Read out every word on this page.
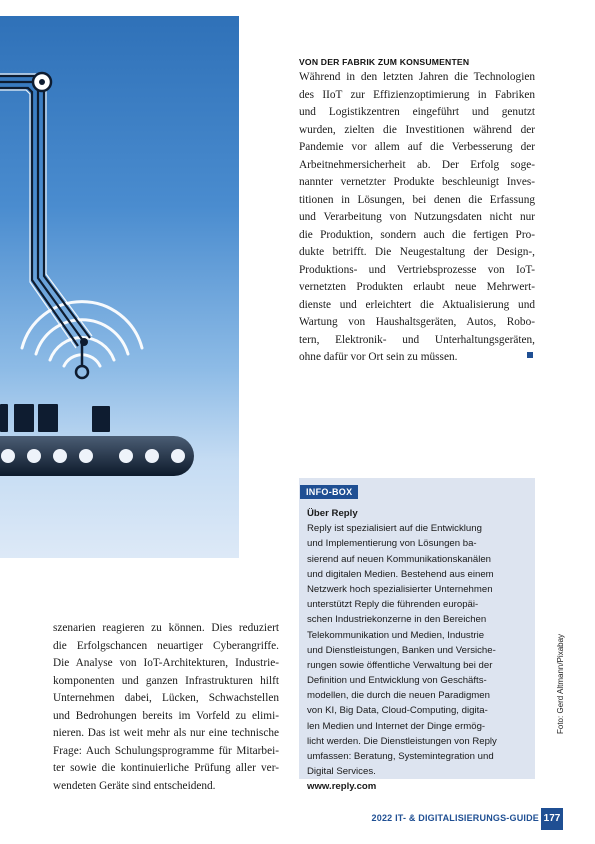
VON DER FABRIK ZUM KONSUMENTEN
Während in den letzten Jahren die Technologien
des IIoT zur Effizienzoptimierung in Fabriken
und Logistikzentren eingeführt und genutzt
wurden, zielten die Investitionen während der
Pandemie vor allem auf die Verbesserung der
Arbeitnehmersicherheit ab. Der Erfolg soge-
nannter vernetzter Produkte beschleunigt Inves-
titionen in Lösungen, bei denen die Erfassung
und Verarbeitung von Nutzungsdaten nicht nur
die Produktion, sondern auch die fertigen Pro-
dukte betrifft. Die Neugestaltung der Design-,
Produktions- und Vertriebsprozesse von IoT-
vernetzten Produkten erlaubt neue Mehrwert-
dienste und erleichtert die Aktualisierung und
Wartung von Haushaltsgeräten, Autos, Robo-
tern, Elektronik- und Unterhaltungsgeräten,
ohne dafür vor Ort sein zu müssen.
szenarien reagieren zu können. Dies reduziert
die Erfolgschancen neuartiger Cyberangriffe.
Die Analyse von IoT-Architekturen, Industrie-
komponenten und ganzen Infrastrukturen hilft
Unternehmen dabei, Lücken, Schwachstellen
und Bedrohungen bereits im Vorfeld zu elimi-
nieren. Das ist weit mehr als nur eine technische
Frage: Auch Schulungsprogramme für Mitarbei-
ter sowie die kontinuierliche Prüfung aller ver-
wendeten Geräte sind entscheidend.
INFO-BOX
Über Reply
Reply ist spezialisiert auf die Entwicklung
und Implementierung von Lösungen ba-
sierend auf neuen Kommunikationskanälen
und digitalen Medien. Bestehend aus einem
Netzwerk hoch spezialisierter Unternehmen
unterstützt Reply die führenden europäi-
schen Industriekonzerne in den Bereichen
Telekommunikation und Medien, Industrie
und Dienstleistungen, Banken und Versiche-
rungen sowie öffentliche Verwaltung bei der
Definition und Entwicklung von Geschäfts-
modellen, die durch die neuen Paradigmen
von KI, Big Data, Cloud-Computing, digita-
len Medien und Internet der Dinge ermög-
licht werden. Die Dienstleistungen von Reply
umfassen: Beratung, Systemintegration und
Digital Services.
www.reply.com
Foto: Gerd Altmann/Pixabay
2022 IT- & DIGITALISIERUNGS-GUIDE 177
